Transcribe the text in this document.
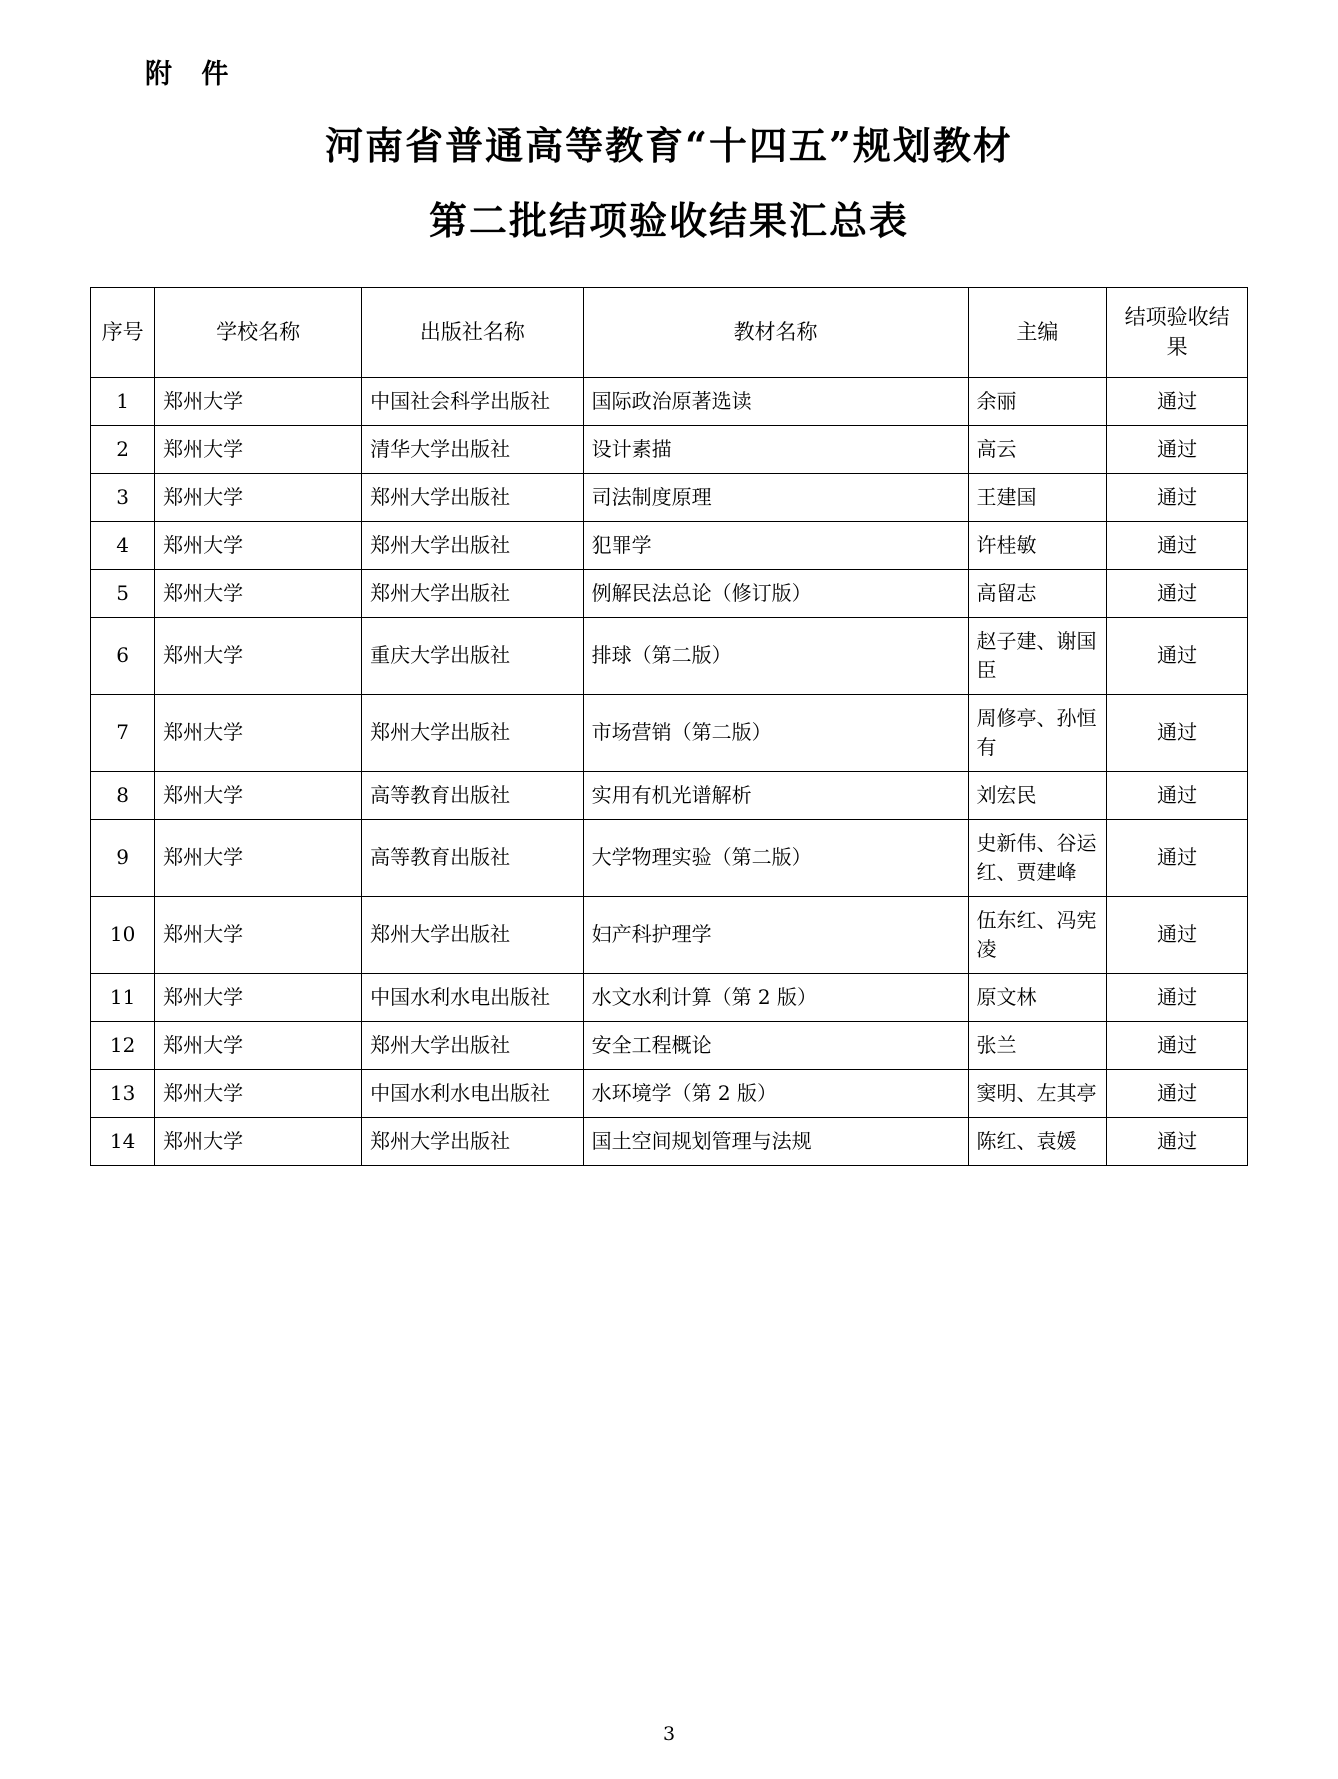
附 件
河南省普通高等教育“十四五”规划教材
第二批结项验收结果汇总表
序号	学校名称	出版社名称	教材名称	主编	结项验收结果
1	郑州大学	中国社会科学出版社	国际政治原著选读	余丽	通过
2	郑州大学	清华大学出版社	设计素描	高云	通过
3	郑州大学	郑州大学出版社	司法制度原理	王建国	通过
4	郑州大学	郑州大学出版社	犯罪学	许桂敏	通过
5	郑州大学	郑州大学出版社	例解民法总论（修订版）	高留志	通过
6	郑州大学	重庆大学出版社	排球（第二版）	赵子建、谢国臣	通过
7	郑州大学	郑州大学出版社	市场营销（第二版）	周修亭、孙恒有	通过
8	郑州大学	高等教育出版社	实用有机光谱解析	刘宏民	通过
9	郑州大学	高等教育出版社	大学物理实验（第二版）	史新伟、谷运红、贾建峰	通过
10	郑州大学	郑州大学出版社	妇产科护理学	伍东红、冯宪凌	通过
11	郑州大学	中国水利水电出版社	水文水利计算（第 2 版）	原文林	通过
12	郑州大学	郑州大学出版社	安全工程概论	张兰	通过
13	郑州大学	中国水利水电出版社	水环境学（第 2 版）	窦明、左其亭	通过
14	郑州大学	郑州大学出版社	国土空间规划管理与法规	陈红、袁媛	通过
3
